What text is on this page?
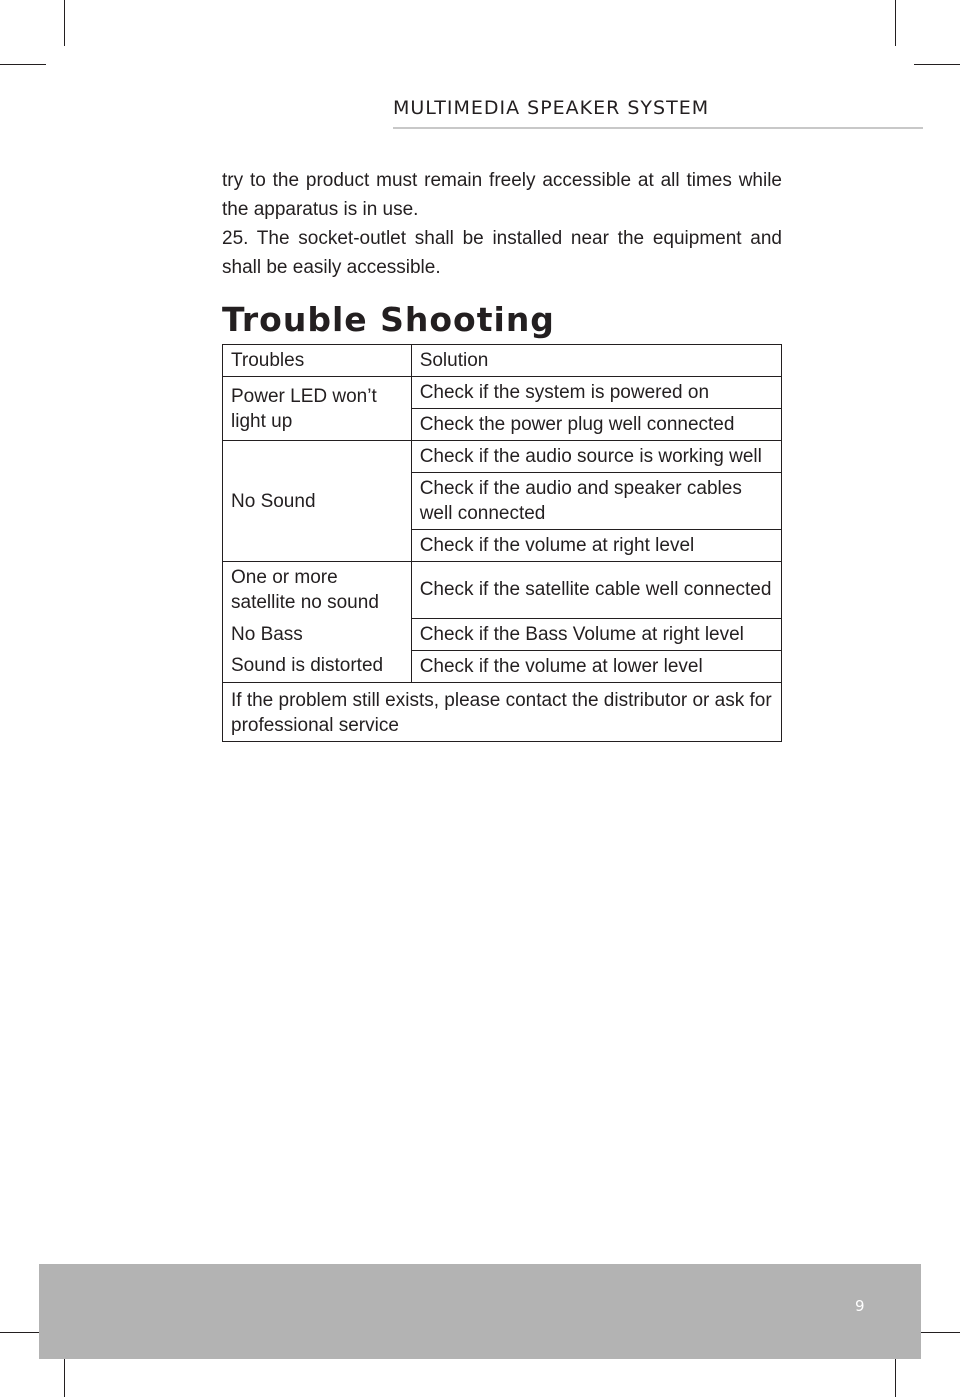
MULTIMEDIA SPEAKER SYSTEM

try to the product must remain freely accessible at all times while the apparatus is in use.

25. The socket-outlet shall be installed near the equipment and shall be easily accessible.

Trouble Shooting
Troubles	Solution
Power LED won’t light up	Check if the system is powered on
	Check the power plug well connected
No Sound	Check if the audio source is working well
	Check if the audio and speaker cables well connected
	Check if the volume at right level
One or more satellite no sound	Check if the satellite cable well connected
No Bass	Check if the Bass Volume at right level
Sound is distorted	Check if the volume at lower level
If the problem still exists, please contact the distributor or ask for professional service	
9
